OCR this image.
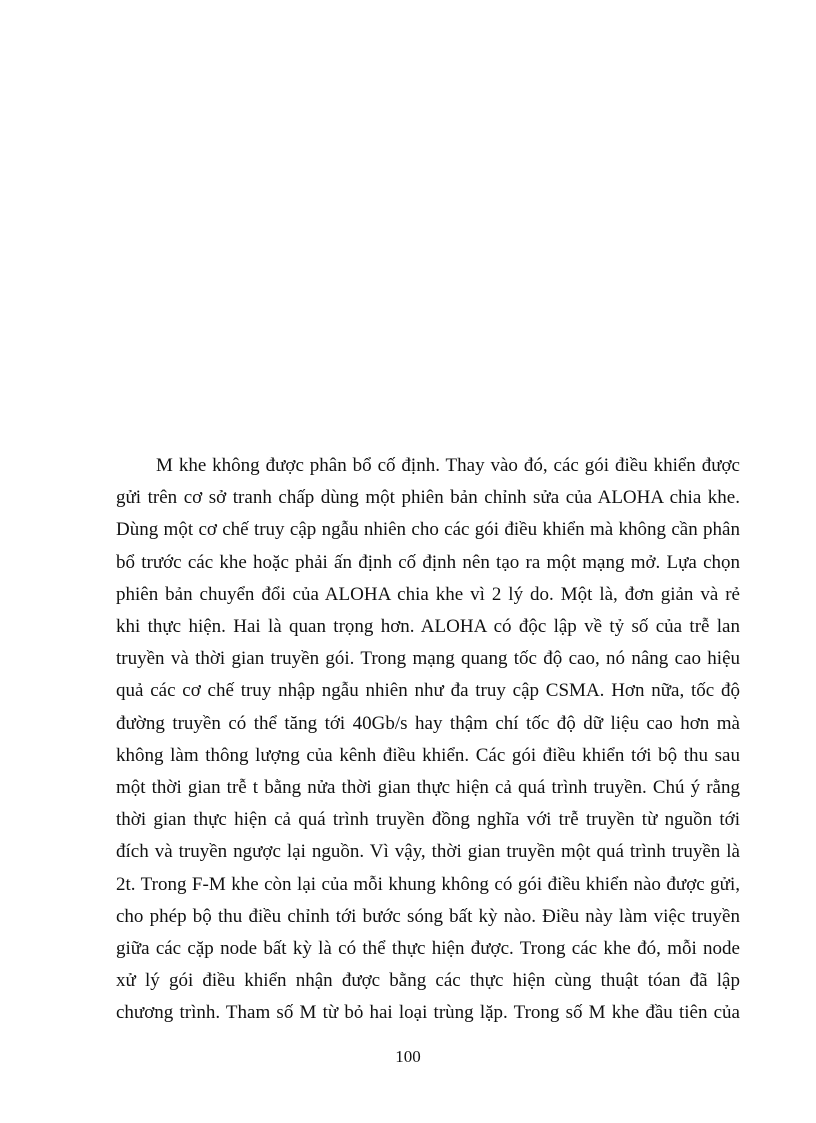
M khe không được phân bổ cố định. Thay vào đó, các gói điều khiển được
gửi trên cơ sở tranh chấp dùng một phiên bản chỉnh sửa của ALOHA chia khe.
Dùng một cơ chế truy cập ngẫu nhiên cho các gói điều khiển mà không cần phân
bổ trước các khe hoặc phải ấn định cố định nên tạo ra một mạng mở. Lựa chọn
phiên bản chuyển đổi của ALOHA chia khe vì 2 lý do. Một là, đơn giản và rẻ
khi thực hiện. Hai là quan trọng hơn. ALOHA có độc lập về tỷ số của trễ lan
truyền và thời gian truyền gói. Trong mạng quang tốc độ cao, nó nâng cao hiệu
quả các cơ chế truy nhập ngẫu nhiên như đa truy cập CSMA. Hơn nữa, tốc độ
đường truyền có thể tăng tới 40Gb/s hay thậm chí tốc độ dữ liệu cao hơn mà
không làm thông lượng của kênh điều khiển. Các gói điều khiển tới bộ thu sau
một thời gian trễ t bằng nửa thời gian thực hiện cả quá trình truyền. Chú ý rằng
thời gian thực hiện cả quá trình truyền đồng nghĩa với trễ truyền từ nguồn tới
đích và truyền ngược lại nguồn. Vì vậy, thời gian truyền một quá trình truyền là
2t. Trong F-M khe còn lại của mỗi khung không có gói điều khiển nào được gửi,
cho phép bộ thu điều chỉnh tới bước sóng bất kỳ nào. Điều này làm việc truyền
giữa các cặp node bất kỳ là có thể thực hiện được. Trong các khe đó, mỗi node
xử lý gói điều khiển nhận được bằng các thực hiện cùng thuật tóan đã lập
chương trình. Tham số M từ bỏ hai loại trùng lặp. Trong số M khe đầu tiên của
100
